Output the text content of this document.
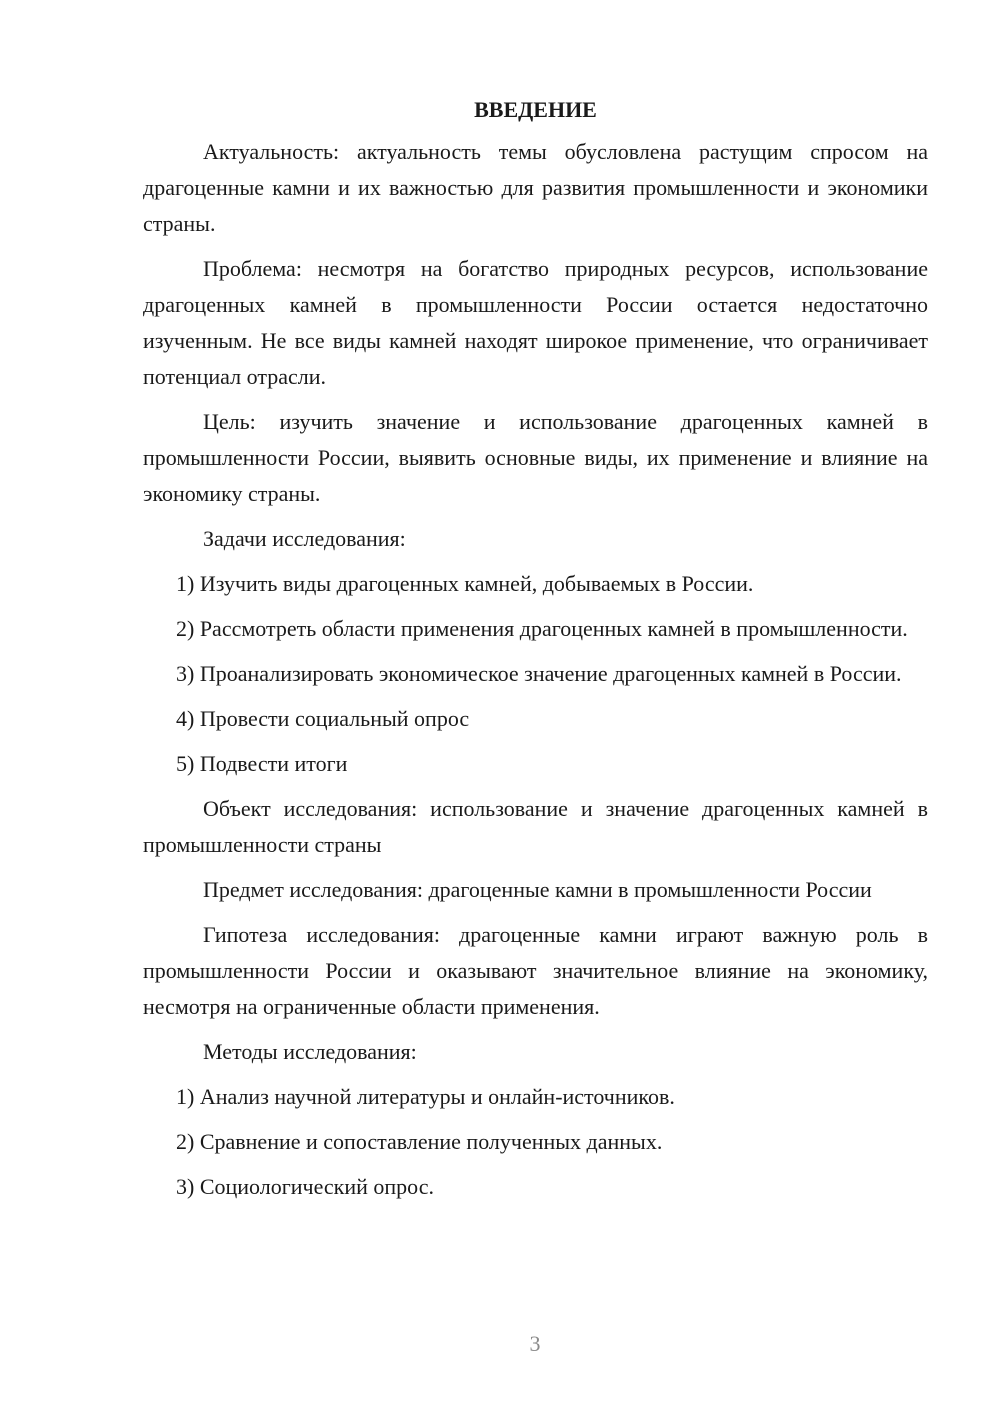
ВВЕДЕНИЕ
Актуальность: актуальность темы обусловлена растущим спросом на драгоценные камни и их важностью для развития промышленности и экономики страны.
Проблема: несмотря на богатство природных ресурсов, использование драгоценных камней в промышленности России остается недостаточно изученным. Не все виды камней находят широкое применение, что ограничивает потенциал отрасли.
Цель: изучить значение и использование драгоценных камней в промышленности России, выявить основные виды, их применение и влияние на экономику страны.
Задачи исследования:
1) Изучить виды драгоценных камней, добываемых в России.
2) Рассмотреть области применения драгоценных камней в промышленности.
3) Проанализировать экономическое значение драгоценных камней в России.
4) Провести социальный опрос
5) Подвести итоги
Объект исследования: использование и значение драгоценных камней в промышленности страны
Предмет исследования: драгоценные камни в промышленности России
Гипотеза исследования: драгоценные камни играют важную роль в промышленности России и оказывают значительное влияние на экономику, несмотря на ограниченные области применения.
Методы исследования:
1) Анализ научной литературы и онлайн-источников.
2) Сравнение и сопоставление полученных данных.
3) Социологический опрос.
3
